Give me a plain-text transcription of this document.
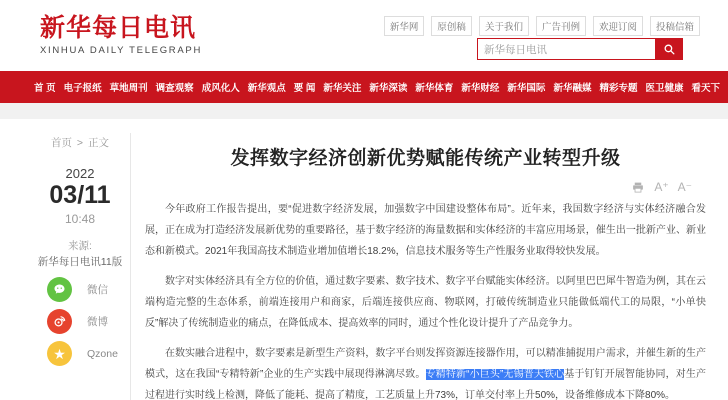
新华每日电讯
XINHUA DAILY TELEGRAPH
新华网	原创稿	关于我们	广告刊例	欢迎订阅	投稿信箱
新华每日电讯
首 页 电子报纸 草地周刊 调查观察 成风化人 新华观点 要 闻 新华关注 新华深读 新华体育 新华财经 新华国际 新华融媒 精彩专题 医卫健康 看天下
首页 > 正文
2022
03/11
10:48
来源:
新华每日电讯11版
微信
微博
★ Qzone
发挥数字经济创新优势赋能传统产业转型升级
A⁺ A⁻

今年政府工作报告提出，要“促进数字经济发展，加强数字中国建设整体布局”。近年来，我国数字经济与实体经济融合发展，正在成为打造经济发展新优势的重要路径，基于数字经济的海量数据和实体经济的丰富应用场景，催生出一批新产业、新业态和新模式。2021年我国高技术制造业增加值增长18.2%，信息技术服务等生产性服务业取得较快发展。

数字对实体经济具有全方位的价值，通过数字要素、数字技术、数字平台赋能实体经济。以阿里巴巴犀牛智造为例，其在云端构造完整的生态体系，前端连接用户和商家，后端连接供应商、物联网，打破传统制造业只能做低端代工的局限，“小单快反”解决了传统制造业的痛点，在降低成本、提高效率的同时，通过个性化设计提升了产品竞争力。

在数实融合进程中，数字要素是新型生产资料，数字平台则发挥资源连接器作用，可以精准捕捉用户需求，并催生新的生产模式，这在我国“专精特新”企业的生产实践中展现得淋漓尽致。专精特新“小巨头”无锡普天铁心基于钉钉开展智能协同，对生产过程进行实时线上检测，降低了能耗、提高了精度，工艺质量上升73%，订单交付率上升50%，设备维修成本下降80%。
